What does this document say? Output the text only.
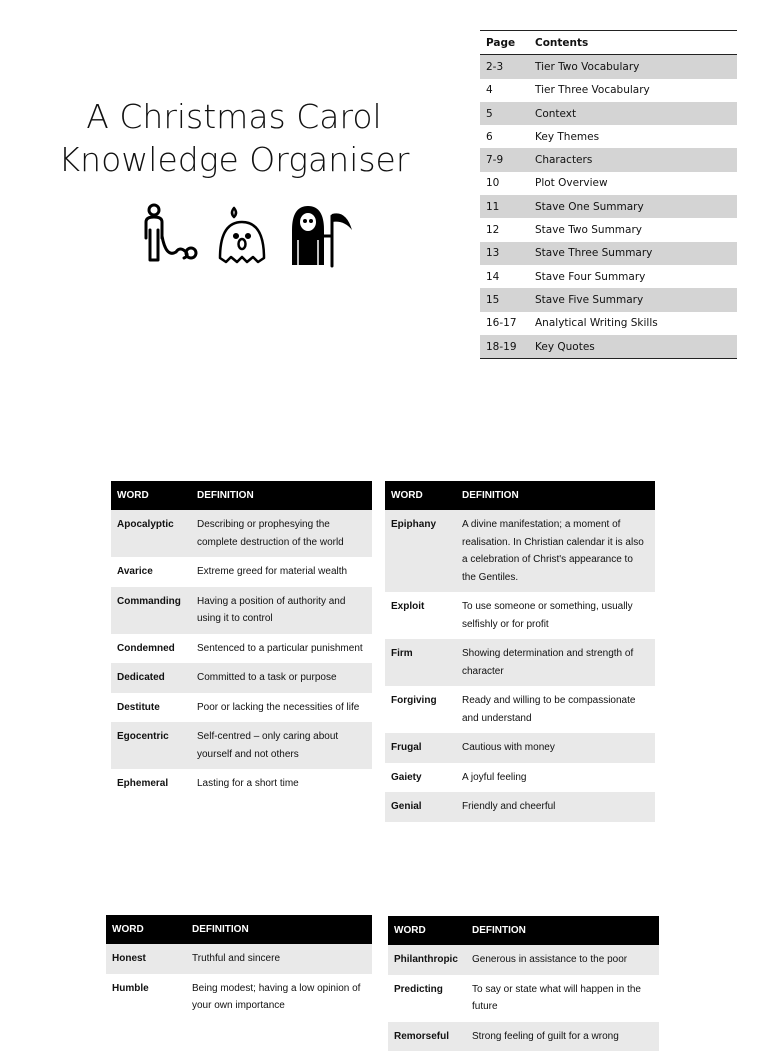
A Christmas Carol
Knowledge Organiser
Page	Contents
2-3	Tier Two Vocabulary
4	Tier Three Vocabulary
5	Context
6	Key Themes
7-9	Characters
10	Plot Overview
11	Stave One Summary
12	Stave Two Summary
13	Stave Three Summary
14	Stave Four Summary
15	Stave Five Summary
16-17	Analytical Writing Skills
18-19	Key Quotes
WORD	DEFINITION
Apocalyptic	Describing or prophesying the complete destruction of the world
Avarice	Extreme greed for material wealth
Commanding	Having a position of authority and using it to control
Condemned	Sentenced to a particular punishment
Dedicated	Committed to a task or purpose
Destitute	Poor or lacking the necessities of life
Egocentric	Self-centred – only caring about yourself and not others
Ephemeral	Lasting for a short time
WORD	DEFINITION
Epiphany	A divine manifestation; a moment of realisation. In Christian calendar it is also a celebration of Christ's appearance to the Gentiles.
Exploit	To use someone or something, usually selfishly or for profit
Firm	Showing determination and strength of character
Forgiving	Ready and willing to be compassionate and understand
Frugal	Cautious with money
Gaiety	A joyful feeling
Genial	Friendly and cheerful
WORD	DEFINITION
Honest	Truthful and sincere
Humble	Being modest; having a low opinion of your own importance
WORD	DEFINTION
Philanthropic	Generous in assistance to the poor
Predicting	To say or state what will happen in the future
Remorseful	Strong feeling of guilt for a wrong
